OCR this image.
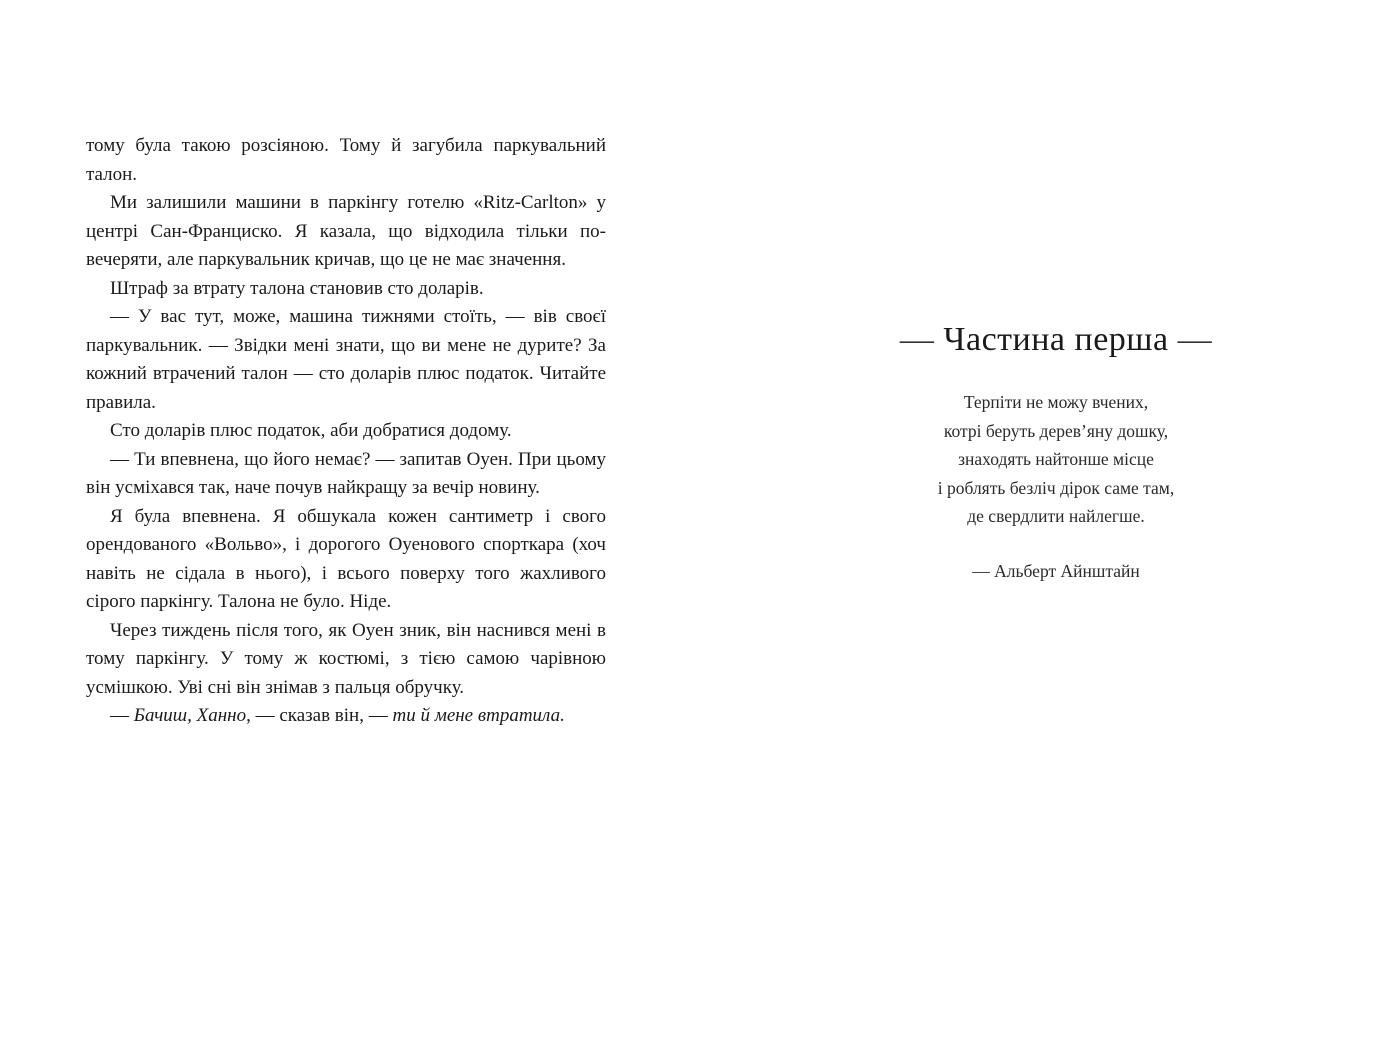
тому була такою розсіяною. Тому й загубила паркувальний талон.

Ми залишили машини в паркінгу готелю «Ritz-Carlton» у центрі Сан-Франциско. Я казала, що відходила тільки повечеряти, але паркувальник кричав, що це не має значення.

Штраф за втрату талона становив сто доларів.

— У вас тут, може, машина тижнями стоїть, — вів своєї паркувальник. — Звідки мені знати, що ви мене не дурите? За кожний втрачений талон — сто доларів плюс податок. Читайте правила.

Сто доларів плюс податок, аби добратися додому.

— Ти впевнена, що його немає? — запитав Оуен. При цьому він усміхався так, наче почув найкращу за вечір новину.

Я була впевнена. Я обшукала кожен сантиметр і свого орендованого «Вольво», і дорогого Оуенового спорткара (хоч навіть не сідала в нього), і всього поверху того жахливого сірого паркінгу. Талона не було. Ніде.

Через тиждень після того, як Оуен зник, він наснився мені в тому паркінгу. У тому ж костюмі, з тією самою чарівною усмішкою. Уві сні він знімав з пальця обручку.

— Бачиш, Ханно, — сказав він, — ти й мене втратила.

— Частина перша —
Терпіти не можу вчених,
котрі беруть дерев’яну дошку,
знаходять найтонше місце
і роблять безліч дірок саме там,
де свердлити найлегше.
— Альберт Айнштайн
